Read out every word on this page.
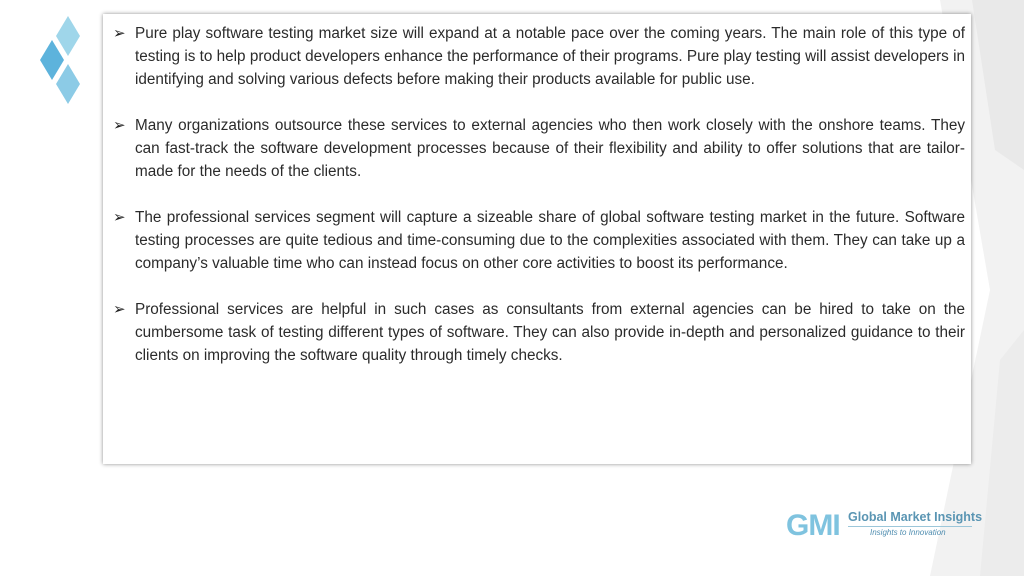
➢ Pure play software testing market size will expand at a notable pace over the coming years. The main role of this type of testing is to help product developers enhance the performance of their programs. Pure play testing will assist developers in identifying and solving various defects before making their products available for public use.
➢ Many organizations outsource these services to external agencies who then work closely with the onshore teams. They can fast-track the software development processes because of their flexibility and ability to offer solutions that are tailor-made for the needs of the clients.
➢ The professional services segment will capture a sizeable share of global software testing market in the future. Software testing processes are quite tedious and time-consuming due to the complexities associated with them. They can take up a company’s valuable time who can instead focus on other core activities to boost its performance.
➢ Professional services are helpful in such cases as consultants from external agencies can be hired to take on the cumbersome task of testing different types of software. They can also provide in-depth and personalized guidance to their clients on improving the software quality through timely checks.
GMI Global Market Insights
Insights to Innovation
